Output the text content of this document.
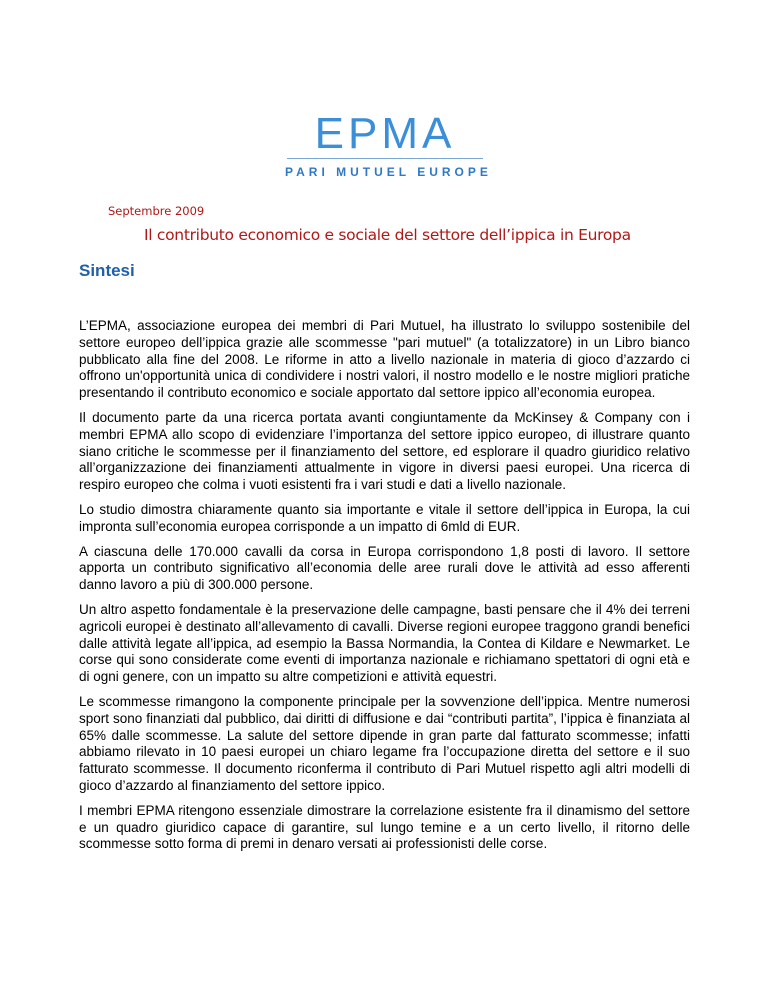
EPMA
PARI MUTUEL EUROPE
Septembre 2009
Il contributo economico e sociale del settore dell’ippica in Europa
Sintesi

L’EPMA, associazione europea dei membri di Pari Mutuel, ha illustrato lo sviluppo sostenibile del settore europeo dell’ippica grazie alle scommesse "pari mutuel" (a totalizzatore) in un Libro bianco pubblicato alla fine del 2008. Le riforme in atto a livello nazionale in materia di gioco d’azzardo ci offrono un'opportunità unica di condividere i nostri valori, il nostro modello e le nostre migliori pratiche presentando il contributo economico e sociale apportato dal settore ippico all’economia europea.

Il documento parte da una ricerca portata avanti congiuntamente da McKinsey & Company con i membri EPMA allo scopo di evidenziare l’importanza del settore ippico europeo, di illustrare quanto siano critiche le scommesse per il finanziamento del settore, ed esplorare il quadro giuridico relativo all’organizzazione dei finanziamenti attualmente in vigore in diversi paesi europei. Una ricerca di respiro europeo che colma i vuoti esistenti fra i vari studi e dati a livello nazionale.

Lo studio dimostra chiaramente quanto sia importante e vitale il settore dell’ippica in Europa, la cui impronta sull’economia europea corrisponde a un impatto di 6mld di EUR.

A ciascuna delle 170.000 cavalli da corsa in Europa corrispondono 1,8 posti di lavoro. Il settore apporta un contributo significativo all’economia delle aree rurali dove le attività ad esso afferenti danno lavoro a più di 300.000 persone.

Un altro aspetto fondamentale è la preservazione delle campagne, basti pensare che il 4% dei terreni agricoli europei è destinato all’allevamento di cavalli. Diverse regioni europee traggono grandi benefici dalle attività legate all’ippica, ad esempio la Bassa Normandia, la Contea di Kildare e Newmarket. Le corse qui sono considerate come eventi di importanza nazionale e richiamano spettatori di ogni età e di ogni genere, con un impatto su altre competizioni e attività equestri.

Le scommesse rimangono la componente principale per la sovvenzione dell’ippica. Mentre numerosi sport sono finanziati dal pubblico, dai diritti di diffusione e dai “contributi partita”, l’ippica è finanziata al 65% dalle scommesse. La salute del settore dipende in gran parte dal fatturato scommesse; infatti abbiamo rilevato in 10 paesi europei un chiaro legame fra l’occupazione diretta del settore e il suo fatturato scommesse. Il documento riconferma il contributo di Pari Mutuel rispetto agli altri modelli di gioco d’azzardo al finanziamento del settore ippico.

I membri EPMA ritengono essenziale dimostrare la correlazione esistente fra il dinamismo del settore e un quadro giuridico capace di garantire, sul lungo temine e a un certo livello, il ritorno delle scommesse sotto forma di premi in denaro versati ai professionisti delle corse.
